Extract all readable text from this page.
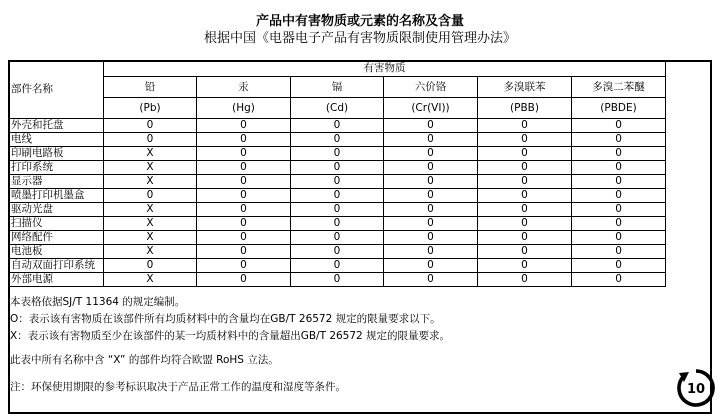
产品中有害物质或元素的名称及含量
根据中国《电器电子产品有害物质限制使用管理办法》
部件名称	有害物质					
	铅	汞	镉	六价铬	多溴联苯	多溴二苯醚
	(Pb)	(Hg)	(Cd)	(Cr(VI))	(PBB)	(PBDE)
外壳和托盘	0	0	0	0	0	0
电线	0	0	0	0	0	0
印刷电路板	X	0	0	0	0	0
打印系统	X	0	0	0	0	0
显示器	X	0	0	0	0	0
喷墨打印机墨盒	0	0	0	0	0	0
驱动光盘	X	0	0	0	0	0
扫描仪	X	0	0	0	0	0
网络配件	X	0	0	0	0	0
电池板	X	0	0	0	0	0
自动双面打印系统	0	0	0	0	0	0
外部电源	X	0	0	0	0	0
本表格依据SJ/T 11364 的规定编制。
O：表示该有害物质在该部件所有均质材料中的含量均在GB/T 26572 规定的限量要求以下。
X：表示该有害物质至少在该部件的某一均质材料中的含量超出GB/T 26572 规定的限量要求。
此表中所有名称中含 “X” 的部件均符合欧盟 RoHS 立法。
注：环保使用期限的参考标识取决于产品正常工作的温度和湿度等条件。	10
